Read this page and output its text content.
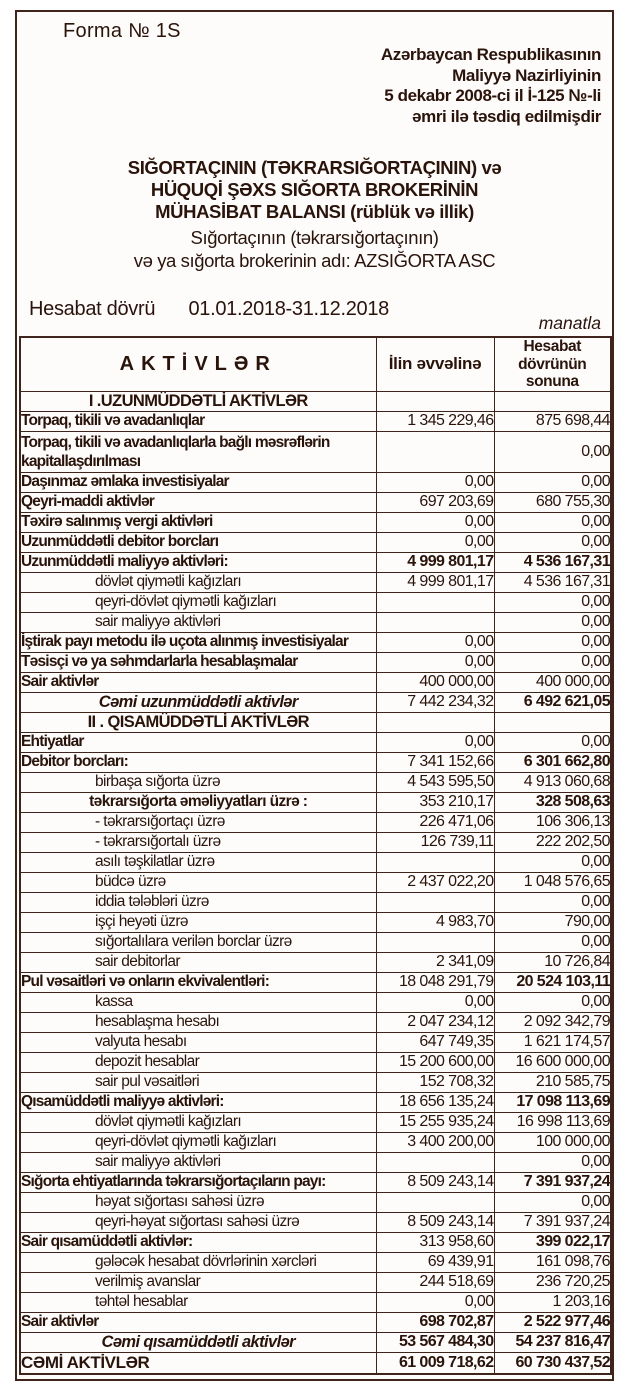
Forma № 1S
Azərbaycan Respublikasının
Maliyyə Nazirliyinin
5 dekabr 2008-ci il İ-125 №-li
əmri ilə təsdiq edilmişdir
SIĞORTAÇININ (TƏKRARSIĞORTAÇININ) və
HÜQUQİ ŞƏXS SIĞORTA BROKERİNİN
MÜHASİBAT BALANSI (rüblük və illik)
Sığortaçının (təkrarsığortaçının)
və ya sığorta brokerinin adı: AZSIĞORTA ASC
Hesabat dövrü 01.01.2018-31.12.2018
manatla
AKTİVLƏR	İlin əvvəlinə	Hesabat
dövrünün sonuna

I .UZUNMÜDDƏTLİ AKTİVLƏR		
Torpaq, tikili və avadanlıqlar	1 345 229,46	875 698,44
Torpaq, tikili və avadanlıqlarla bağlı məsrəflərin kapitallaşdırılması		0,00
Daşınmaz əmlaka investisiyalar	0,00	0,00
Qeyri-maddi aktivlər	697 203,69	680 755,30
Təxirə salınmış vergi aktivləri	0,00	0,00
Uzunmüddətli debitor borcları	0,00	0,00
Uzunmüddətli maliyyə aktivləri:	4 999 801,17	4 536 167,31
dövlət qiymətli kağızları	4 999 801,17	4 536 167,31
qeyri-dövlət qiymətli kağızları		0,00
sair maliyyə aktivləri		0,00
İştirak payı metodu ilə uçota alınmış investisiyalar	0,00	0,00
Təsisçi və ya səhmdarlarla hesablaşmalar	0,00	0,00
Sair aktivlər	400 000,00	400 000,00
Cəmi uzunmüddətli aktivlər	7 442 234,32	6 492 621,05
II . QISAMÜDDƏTLİ AKTİVLƏR		
Ehtiyatlar	0,00	0,00
Debitor borcları:	7 341 152,66	6 301 662,80
birbaşa sığorta üzrə	4 543 595,50	4 913 060,68
təkrarsığorta əməliyyatları üzrə :	353 210,17	328 508,63
- təkrarsığortaçı üzrə	226 471,06	106 306,13
- təkrarsığortalı üzrə	126 739,11	222 202,50
asılı təşkilatlar üzrə		0,00
büdcə üzrə	2 437 022,20	1 048 576,65
iddia tələbləri üzrə		0,00
işçi heyəti üzrə	4 983,70	790,00
sığortalılara verilən borclar üzrə		0,00
sair debitorlar	2 341,09	10 726,84
Pul vəsaitləri və onların ekvivalentləri:	18 048 291,79	20 524 103,11
kassa	0,00	0,00
hesablaşma hesabı	2 047 234,12	2 092 342,79
valyuta hesabı	647 749,35	1 621 174,57
depozit hesablar	15 200 600,00	16 600 000,00
sair pul vəsaitləri	152 708,32	210 585,75
Qısamüddətli maliyyə aktivləri:	18 656 135,24	17 098 113,69
dövlət qiymətli kağızları	15 255 935,24	16 998 113,69
qeyri-dövlət qiymətli kağızları	3 400 200,00	100 000,00
sair maliyyə aktivləri		0,00
Sığorta ehtiyatlarında təkrarsığortaçıların payı:	8 509 243,14	7 391 937,24
həyat sığortası sahəsi üzrə		0,00
qeyri-həyat sığortası sahəsi üzrə	8 509 243,14	7 391 937,24
Sair qısamüddətli aktivlər:	313 958,60	399 022,17
gələcək hesabat dövrlərinin xərcləri	69 439,91	161 098,76
verilmiş avanslar	244 518,69	236 720,25
təhtəl hesablar	0,00	1 203,16
Sair aktivlər	698 702,87	2 522 977,46
Cəmi qısamüddətli aktivlər	53 567 484,30	54 237 816,47
CƏMİ AKTİVLƏR	61 009 718,62	60 730 437,52
